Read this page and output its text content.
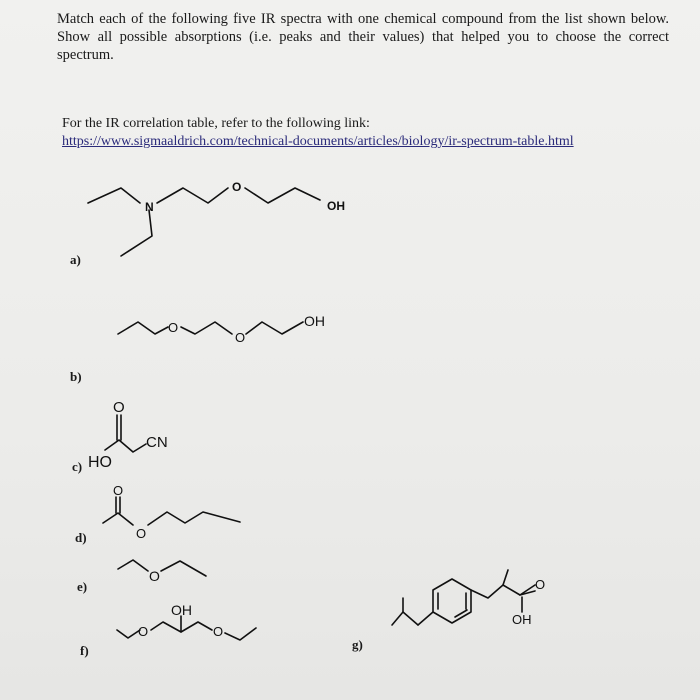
Match each of the following five IR spectra with one chemical compound from the list shown below. Show all possible absorptions (i.e. peaks and their values) that helped you to choose the correct spectrum.
For the IR correlation table, refer to the following link:
https://www.sigmaaldrich.com/technical-documents/articles/biology/ir-spectrum-table.html
a)
b)
c)
d)
e)
f)	g)
N
O
OH
O
O
OH
O
HO
CN
O
O
O
OH
O	O
O
OH
